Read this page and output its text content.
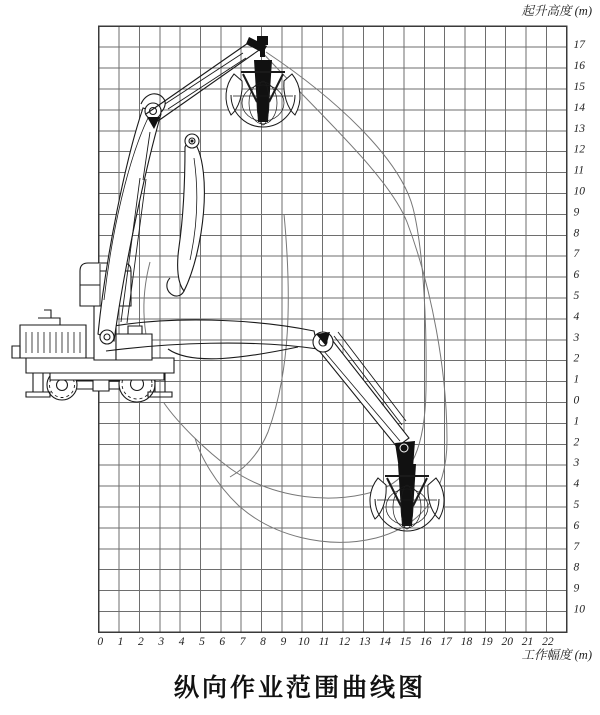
起升高度 (m)
工作幅度 (m)
17
16
15
14
13
12
11
10
9
8
7
6
5
4
3
2
1
0
1
2
3
4
5
6
7
8
9
10
0 1 2 3 4 5 6 7 8 9 10 11 12 13 14 15 16 17 18 19 20 21 22
纵向作业范围曲线图
